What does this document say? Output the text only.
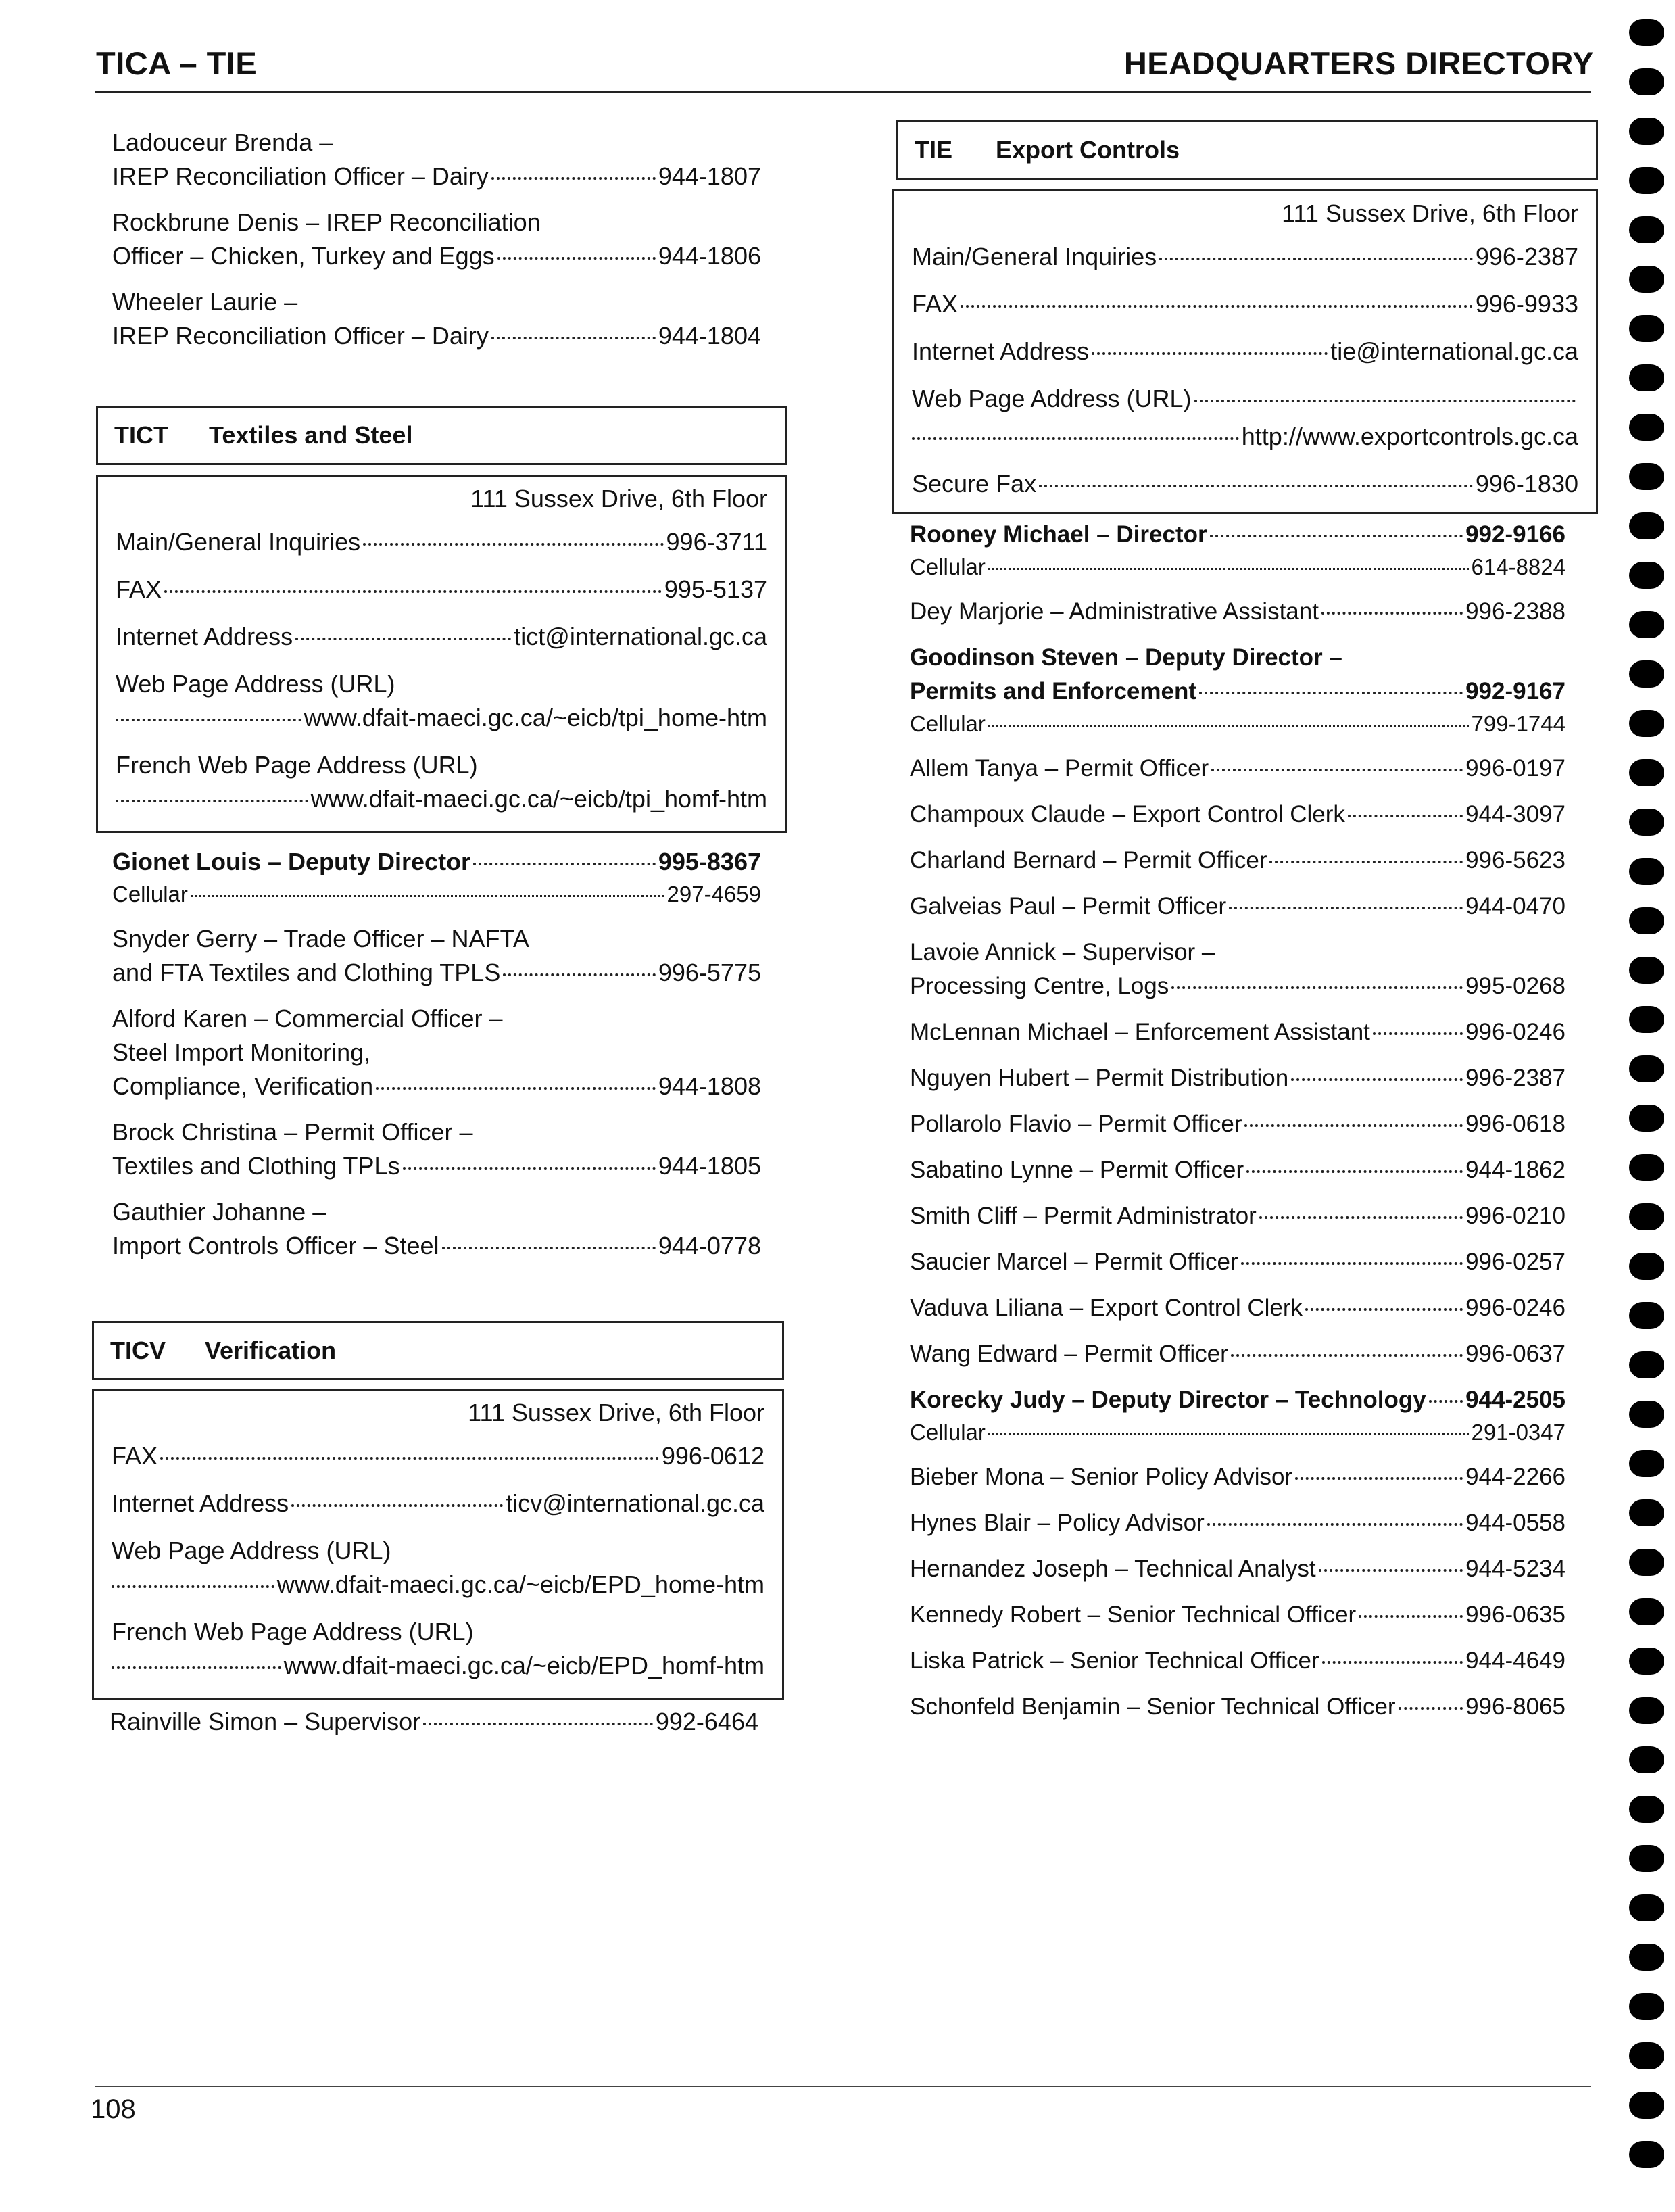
TICA – TIE	HEADQUARTERS DIRECTORY
Ladouceur Brenda –
IREP Reconciliation Officer – Dairy	944-1807
Rockbrune Denis – IREP Reconciliation
Officer – Chicken, Turkey and Eggs	944-1806
Wheeler Laurie –
IREP Reconciliation Officer – Dairy	944-1804
TICT	Textiles and Steel
111 Sussex Drive, 6th Floor
Main/General Inquiries	996-3711
FAX	995-5137
Internet Address	tict@international.gc.ca
Web Page Address (URL)
www.dfait-maeci.gc.ca/~eicb/tpi_home-htm
French Web Page Address (URL)
www.dfait-maeci.gc.ca/~eicb/tpi_homf-htm
Gionet Louis – Deputy Director	995-8367
Cellular	297-4659
Snyder Gerry – Trade Officer – NAFTA
and FTA Textiles and Clothing TPLS	996-5775
Alford Karen – Commercial Officer –
Steel Import Monitoring,
Compliance, Verification	944-1808
Brock Christina – Permit Officer –
Textiles and Clothing TPLs	944-1805
Gauthier Johanne –
Import Controls Officer – Steel	944-0778
TICV	Verification
111 Sussex Drive, 6th Floor
FAX	996-0612
Internet Address	ticv@international.gc.ca
Web Page Address (URL)
www.dfait-maeci.gc.ca/~eicb/EPD_home-htm
French Web Page Address (URL)
www.dfait-maeci.gc.ca/~eicb/EPD_homf-htm
Rainville Simon – Supervisor	992-6464
TIE	Export Controls
111 Sussex Drive, 6th Floor
Main/General Inquiries	996-2387
FAX	996-9933
Internet Address	tie@international.gc.ca
Web Page Address (URL)
http://www.exportcontrols.gc.ca
Secure Fax	996-1830
Rooney Michael – Director	992-9166
Cellular	614-8824
Dey Marjorie – Administrative Assistant	996-2388
Goodinson Steven – Deputy Director –
Permits and Enforcement	992-9167
Cellular	799-1744
Allem Tanya – Permit Officer	996-0197
Champoux Claude – Export Control Clerk	944-3097
Charland Bernard – Permit Officer	996-5623
Galveias Paul – Permit Officer	944-0470
Lavoie Annick – Supervisor –
Processing Centre, Logs	995-0268
McLennan Michael – Enforcement Assistant	996-0246
Nguyen Hubert – Permit Distribution	996-2387
Pollarolo Flavio – Permit Officer	996-0618
Sabatino Lynne – Permit Officer	944-1862
Smith Cliff – Permit Administrator	996-0210
Saucier Marcel – Permit Officer	996-0257
Vaduva Liliana – Export Control Clerk	996-0246
Wang Edward – Permit Officer	996-0637
Korecky Judy – Deputy Director – Technology 944-2505
Cellular	291-0347
Bieber Mona – Senior Policy Advisor	944-2266
Hynes Blair – Policy Advisor	944-0558
Hernandez Joseph – Technical Analyst	944-5234
Kennedy Robert – Senior Technical Officer	996-0635
Liska Patrick – Senior Technical Officer	944-4649
Schonfeld Benjamin – Senior Technical Officer	996-8065
108
